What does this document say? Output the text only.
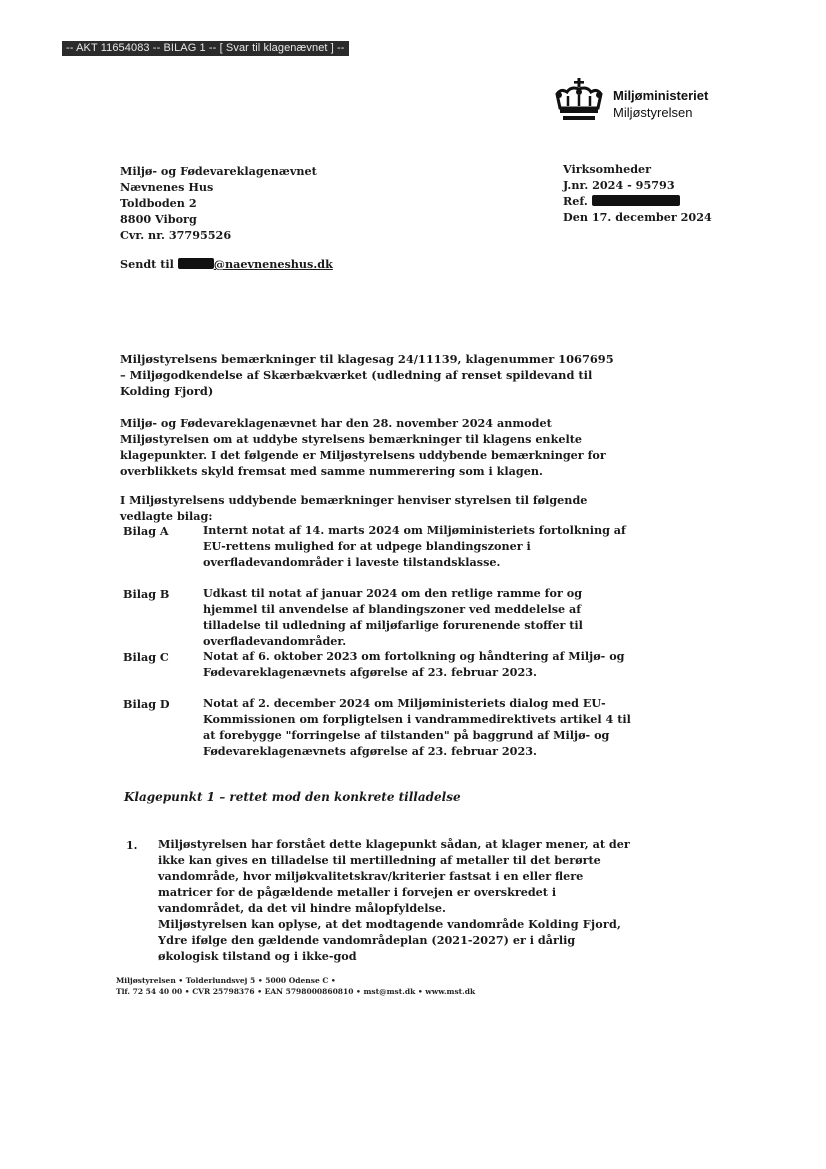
-- AKT 11654083 -- BILAG 1 -- [ Svar til klagenævnet ] --
Miljøministeriet
Miljøstyrelsen
Miljø- og Fødevareklagenævnet
Nævnenes Hus
Toldboden 2
8800 Viborg
Cvr. nr. 37795526
Virksomheder
J.nr. 2024 - 95793
Ref.
Den 17. december 2024
Sendt til	@naevneneshus.dk
Miljøstyrelsens bemærkninger til klagesag 24/11139, klagenummer 1067695 – Miljøgodkendelse af Skærbækværket (udledning af renset spildevand til Kolding Fjord)
Miljø- og Fødevareklagenævnet har den 28. november 2024 anmodet Miljøstyrelsen om at uddybe styrelsens bemærkninger til klagens enkelte klagepunkter. I det følgende er Miljøstyrelsens uddybende bemærkninger for overblikkets skyld fremsat med samme nummerering som i klagen.
I Miljøstyrelsens uddybende bemærkninger henviser styrelsen til følgende vedlagte bilag:
Bilag A	Internt notat af 14. marts 2024 om Miljøministeriets fortolkning af EU-rettens mulighed for at udpege blandingszoner i overfladevandområder i laveste tilstandsklasse.
Bilag B	Udkast til notat af januar 2024 om den retlige ramme for og hjemmel til anvendelse af blandingszoner ved meddelelse af tilladelse til udledning af miljøfarlige forurenende stoffer til overfladevandområder.
Bilag C	Notat af 6. oktober 2023 om fortolkning og håndtering af Miljø- og Fødevareklagenævnets afgørelse af 23. februar 2023.
Bilag D	Notat af 2. december 2024 om Miljøministeriets dialog med EU-Kommissionen om forpligtelsen i vandrammedirektivets artikel 4 til at forebygge "forringelse af tilstanden" på baggrund af Miljø- og Fødevareklagenævnets afgørelse af 23. februar 2023.
Klagepunkt 1 – rettet mod den konkrete tilladelse
1. Miljøstyrelsen har forstået dette klagepunkt sådan, at klager mener, at der ikke kan gives en tilladelse til mertilledning af metaller til det berørte vandområde, hvor miljøkvalitetskrav/kriterier fastsat i en eller flere matricer for de pågældende metaller i forvejen er overskredet i vandområdet, da det vil hindre målopfyldelse.
Miljøstyrelsen kan oplyse, at det modtagende vandområde Kolding Fjord, Ydre ifølge den gældende vandområdeplan (2021-2027) er i dårlig økologisk tilstand og i ikke-god
Miljøstyrelsen • Tolderlundsvej 5 • 5000 Odense C •
Tlf. 72 54 40 00 • CVR 25798376 • EAN 5798000860810 • mst@mst.dk • www.mst.dk
